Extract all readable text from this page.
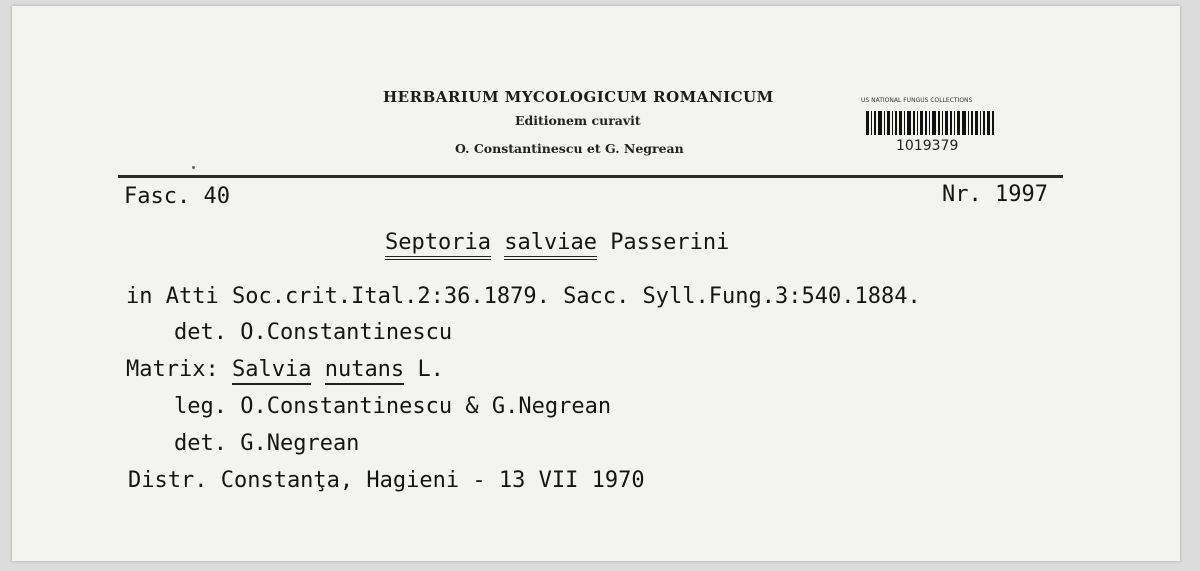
HERBARIUM MYCOLOGICUM ROMANICUM
Editionem curavit
O. Constantinescu et G. Negrean
US NATIONAL FUNGUS COLLECTIONS
1019379
Fasc. 40	Nr. 1997
Septoria salviae Passerini
in Atti Soc.crit.Ital.2:36.1879. Sacc. Syll.Fung.3:540.1884.
det. O.Constantinescu
Matrix: Salvia nutans L.
leg. O.Constantinescu & G.Negrean
det. G.Negrean
Distr. Constanţa, Hagieni - 13 VII 1970
